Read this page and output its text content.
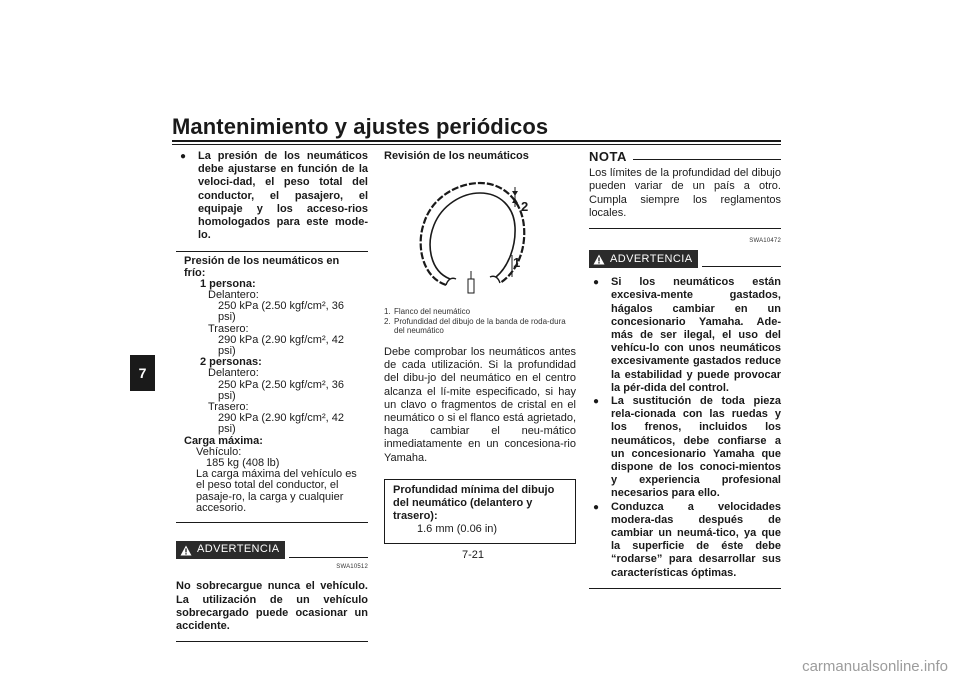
Mantenimiento y ajustes periódicos
7
●	La presión de los neumáticos debe ajustarse en función de la veloci-dad, el peso total del conductor, el pasajero, el equipaje y los acceso-rios homologados para este mode-lo.
Presión de los neumáticos en frío:
1 persona:
Delantero:
250 kPa (2.50 kgf/cm², 36 psi)
Trasero:
290 kPa (2.90 kgf/cm², 42 psi)
2 personas:
Delantero:
250 kPa (2.50 kgf/cm², 36 psi)
Trasero:
290 kPa (2.90 kgf/cm², 42 psi)
Carga máxima:
Vehículo:
185 kg (408 lb)
La carga máxima del vehículo es el peso total del conductor, el pasaje-ro, la carga y cualquier accesorio.
ADVERTENCIA
SWA10512
No sobrecargue nunca el vehículo. La utilización de un vehículo sobrecargado puede ocasionar un accidente.
Revisión de los neumáticos
2
1
1. Flanco del neumático
2. Profundidad del dibujo de la banda de roda-dura del neumático
Debe comprobar los neumáticos antes de cada utilización. Si la profundidad del dibu-jo del neumático en el centro alcanza el lí-mite especificado, si hay un clavo o fragmentos de cristal en el neumático o si el flanco está agrietado, haga cambiar el neu-mático inmediatamente en un concesiona-rio Yamaha.
Profundidad mínima del dibujo del neumático (delantero y trasero):
1.6 mm (0.06 in)
NOTA
Los límites de la profundidad del dibujo pueden variar de un país a otro. Cumpla siempre los reglamentos locales.
SWA10472
ADVERTENCIA
●	Si los neumáticos están excesiva-mente gastados, hágalos cambiar en un concesionario Yamaha. Ade-más de ser ilegal, el uso del vehícu-lo con unos neumáticos excesivamente gastados reduce la estabilidad y puede provocar la pér-dida del control.
●	La sustitución de toda pieza rela-cionada con las ruedas y los frenos, incluidos los neumáticos, debe confiarse a un concesionario Yamaha que dispone de los conoci-mientos y experiencia profesional necesarios para ello.
●	Conduzca a velocidades modera-das después de cambiar un neumá-tico, ya que la superficie de éste debe “rodarse” para desarrollar sus características óptimas.
7-21
carmanualsonline.info
